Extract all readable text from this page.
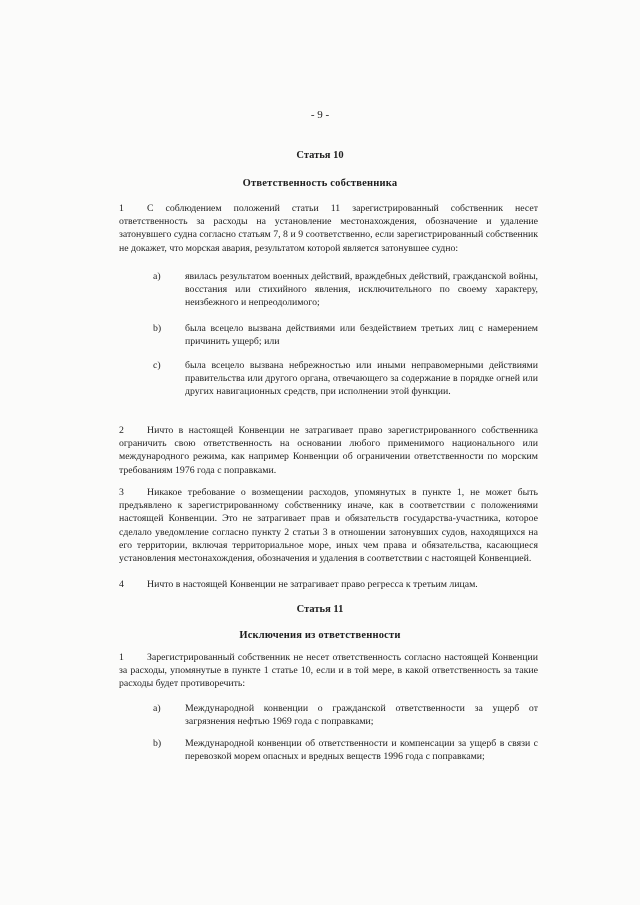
- 9 -
Статья 10
Ответственность собственника
1 С соблюдением положений статьи 11 зарегистрированный собственник несет ответственность за расходы на установление местонахождения, обозначение и удаление затонувшего судна согласно статьям 7, 8 и 9 соответственно, если зарегистрированный собственник не докажет, что морская авария, результатом которой является затонувшее судно:
a) явилась результатом военных действий, враждебных действий, гражданской войны, восстания или стихийного явления, исключительного по своему характеру, неизбежного и непреодолимого;
b) была всецело вызвана действиями или бездействием третьих лиц с намерением причинить ущерб; или
c) была всецело вызвана небрежностью или иными неправомерными действиями правительства или другого органа, отвечающего за содержание в порядке огней или других навигационных средств, при исполнении этой функции.
2 Ничто в настоящей Конвенции не затрагивает право зарегистрированного собственника ограничить свою ответственность на основании любого применимого национального или международного режима, как например Конвенции об ограничении ответственности по морским требованиям 1976 года с поправками.
3 Никакое требование о возмещении расходов, упомянутых в пункте 1, не может быть предъявлено к зарегистрированному собственнику иначе, как в соответствии с положениями настоящей Конвенции. Это не затрагивает прав и обязательств государства-участника, которое сделало уведомление согласно пункту 2 статьи 3 в отношении затонувших судов, находящихся на его территории, включая территориальное море, иных чем права и обязательства, касающиеся установления местонахождения, обозначения и удаления в соответствии с настоящей Конвенцией.
4 Ничто в настоящей Конвенции не затрагивает право регресса к третьим лицам.
Статья 11
Исключения из ответственности
1 Зарегистрированный собственник не несет ответственность согласно настоящей Конвенции за расходы, упомянутые в пункте 1 статье 10, если и в той мере, в какой ответственность за такие расходы будет противоречить:
a) Международной конвенции о гражданской ответственности за ущерб от загрязнения нефтью 1969 года с поправками;
b) Международной конвенции об ответственности и компенсации за ущерб в связи с перевозкой морем опасных и вредных веществ 1996 года с поправками;
